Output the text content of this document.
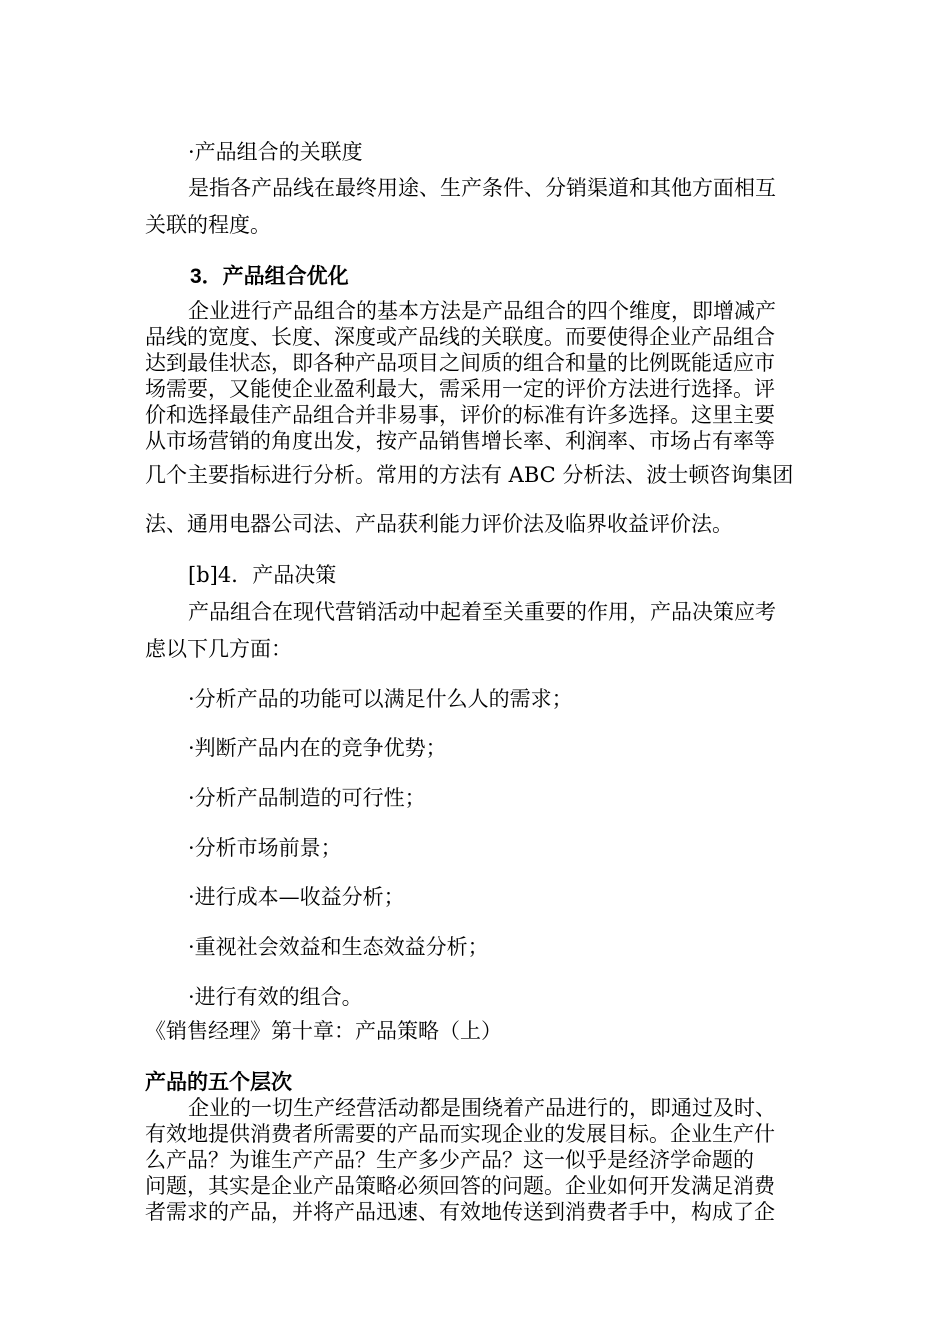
·产品组合的关联度
是指各产品线在最终用途、生产条件、分销渠道和其他方面相互
关联的程度。
3．产品组合优化
企业进行产品组合的基本方法是产品组合的四个维度，即增减产
品线的宽度、长度、深度或产品线的关联度。而要使得企业产品组合
达到最佳状态，即各种产品项目之间质的组合和量的比例既能适应市
场需要，又能使企业盈利最大，需采用一定的评价方法进行选择。评
价和选择最佳产品组合并非易事，评价的标准有许多选择。这里主要
从市场营销的角度出发，按产品销售增长率、利润率、市场占有率等
几个主要指标进行分析。常用的方法有 ABC 分析法、波士顿咨询集团
法、通用电器公司法、产品获利能力评价法及临界收益评价法。
[b]4．产品决策
产品组合在现代营销活动中起着至关重要的作用，产品决策应考
虑以下几方面：
·分析产品的功能可以满足什么人的需求；
·判断产品内在的竞争优势；
·分析产品制造的可行性；
·分析市场前景；
·进行成本—收益分析；
·重视社会效益和生态效益分析；
·进行有效的组合。
《销售经理》第十章：产品策略（上）
产品的五个层次
企业的一切生产经营活动都是围绕着产品进行的，即通过及时、
有效地提供消费者所需要的产品而实现企业的发展目标。企业生产什
么产品？为谁生产产品？生产多少产品？这一似乎是经济学命题的
问题，其实是企业产品策略必须回答的问题。企业如何开发满足消费
者需求的产品，并将产品迅速、有效地传送到消费者手中，构成了企
